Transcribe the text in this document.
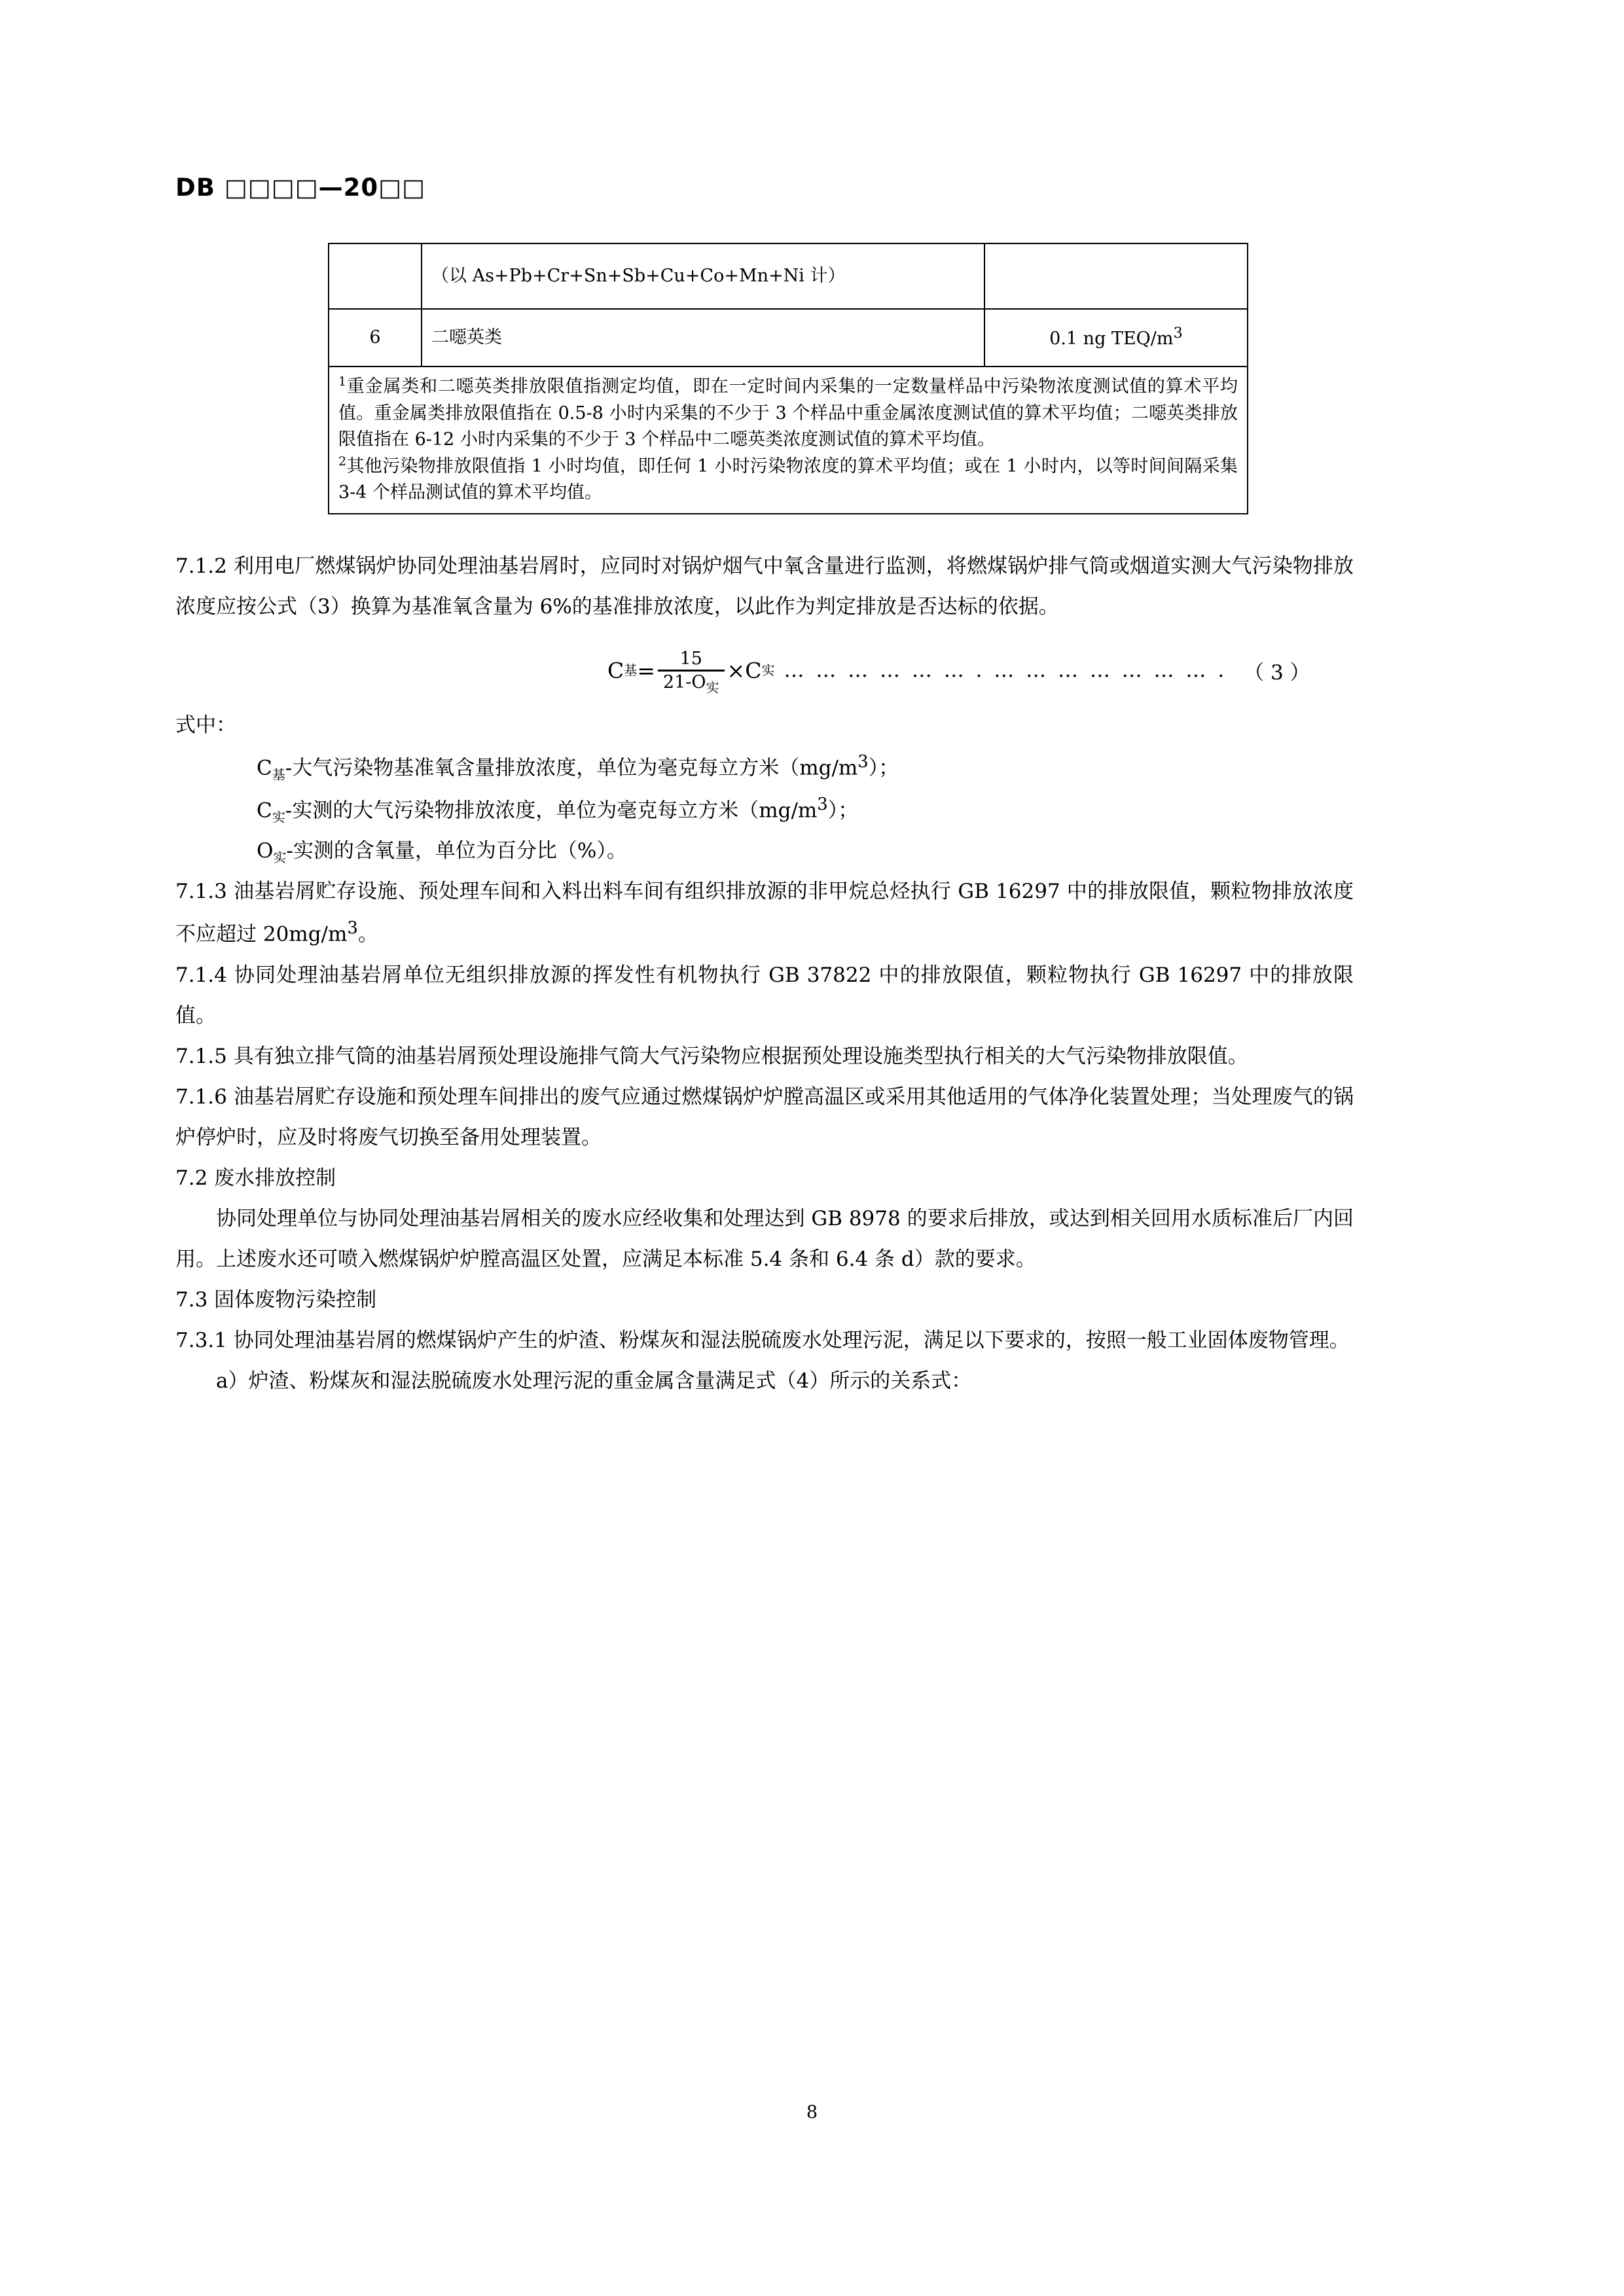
DB □□□□—20□□
	（以 As+Pb+Cr+Sn+Sb+Cu+Co+Mn+Ni 计）	
6	二噁英类	0.1 ng TEQ/$m^3$

$^1$重金属类和二噁英类排放限值指测定均值，即在一定时间内采集的一定数量样品中污染物浓度测试值的算术平均值。重金属类排放限值指在 0.5-8 小时内采集的不少于 3 个样品中重金属浓度测试值的算术平均值；二噁英类排放限值指在 6-12 小时内采集的不少于 3 个样品中二噁英类浓度测试值的算术平均值。
$^2$其他污染物排放限值指 1 小时均值，即任何 1 小时污染物浓度的算术平均值；或在 1 小时内，以等时间间隔采集 3-4 个样品测试值的算术平均值。		

7.1.2 利用电厂燃煤锅炉协同处理油基岩屑时，应同时对锅炉烟气中氧含量进行监测，将燃煤锅炉排气筒或烟道实测大气污染物排放浓度应按公式（3）换算为基准氧含量为 6%的基准排放浓度，以此作为判定排放是否达标的依据。

C 基 = $\frac{15}{21-O_实} \times C$ 实 … … … … … … . … … … … … … … . （ 3 ）

式中：

$C_基-$大气污染物基准氧含量排放浓度，单位为毫克每立方米$(mg/m^3)$；

$C_实-$实测的大气污染物排放浓度，单位为毫克每立方米$(mg/m^3)$；

$O_实-$实测的含氧量，单位为百分比（%）。

7.1.3 油基岩屑贮存设施、预处理车间和入料出料车间有组织排放源的非甲烷总烃执行 GB 16297 中的排放限值，颗粒物排放浓度不应超过 $20mg/m^3$。

7.1.4 协同处理油基岩屑单位无组织排放源的挥发性有机物执行 GB 37822 中的排放限值，颗粒物执行 GB 16297 中的排放限值。

7.1.5 具有独立排气筒的油基岩屑预处理设施排气筒大气污染物应根据预处理设施类型执行相关的大气污染物排放限值。

7.1.6 油基岩屑贮存设施和预处理车间排出的废气应通过燃煤锅炉炉膛高温区或采用其他适用的气体净化装置处理；当处理废气的锅炉停炉时，应及时将废气切换至备用处理装置。

7.2 废水排放控制

协同处理单位与协同处理油基岩屑相关的废水应经收集和处理达到 GB 8978 的要求后排放，或达到相关回用水质标准后厂内回用。上述废水还可喷入燃煤锅炉炉膛高温区处置，应满足本标准 5.4 条和 6.4 条 d）款的要求。

7.3 固体废物污染控制

7.3.1 协同处理油基岩屑的燃煤锅炉产生的炉渣、粉煤灰和湿法脱硫废水处理污泥，满足以下要求的，按照一般工业固体废物管理。

a）炉渣、粉煤灰和湿法脱硫废水处理污泥的重金属含量满足式（4）所示的关系式：

8
